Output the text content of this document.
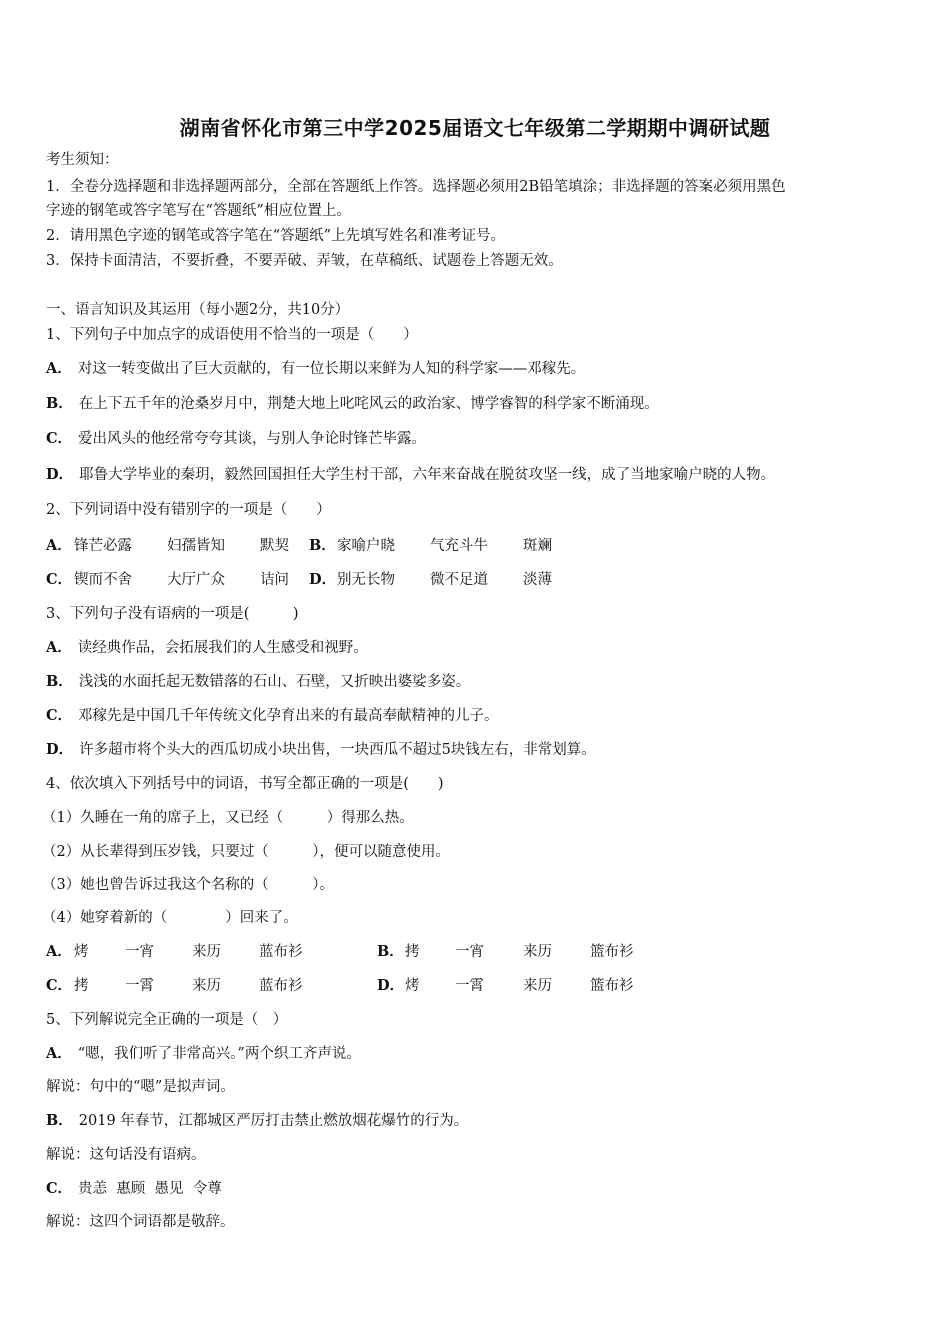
湖南省怀化市第三中学2025届语文七年级第二学期期中调研试题
考生须知：
1．全卷分选择题和非选择题两部分，全部在答题纸上作答。选择题必须用2B铅笔填涂；非选择题的答案必须用黑色
字迹的钢笔或答字笔写在“答题纸”相应位置上。
2．请用黑色字迹的钢笔或答字笔在“答题纸”上先填写姓名和准考证号。
3．保持卡面清洁，不要折叠，不要弄破、弄皱，在草稿纸、试题卷上答题无效。
一、语言知识及其运用（每小题2分，共10分）
1、下列句子中加点字的成语使用不恰当的一项是（　　）
A． 对这一转变做出了巨大贡献的，有一位长期以来鲜为人知的科学家——邓稼先。
B． 在上下五千年的沧桑岁月中，荆楚大地上叱咤风云的政治家、博学睿智的科学家不断涌现。
C． 爱出风头的他经常夸夸其谈，与别人争论时锋芒毕露。
D． 耶鲁大学毕业的秦玥，毅然回国担任大学生村干部，六年来奋战在脱贫攻坚一线，成了当地家喻户晓的人物。
2、下列词语中没有错别字的一项是（　　）
A． 锋芒必露 妇孺皆知 默契 B． 家喻户晓 气充斗牛 斑斓
C． 锲而不舍 大厅广众 诘问 D． 别无长物 微不足道 淡薄
3、下列句子没有语病的一项是(　　　)
A． 读经典作品，会拓展我们的人生感受和视野。
B． 浅浅的水面托起无数错落的石山、石壁，又折映出婆娑多姿。
C． 邓稼先是中国几千年传统文化孕育出来的有最高奉献精神的儿子。
D． 许多超市将个头大的西瓜切成小块出售，一块西瓜不超过5块钱左右，非常划算。
4、依次填入下列括号中的词语，书写全都正确的一项是(　　)
（1）久睡在一角的席子上，又已经（　　　）得那么热。
（2）从长辈得到压岁钱，只要过（　　　），便可以随意使用。
（3）她也曾告诉过我这个名称的（　　　）。
（4）她穿着新的（　　　　）回来了。
A． 烤	一宵	来历	蓝布衫	B． 拷 一宵	来历	篮布衫
C． 拷	一霄	来历	蓝布衫	D． 烤 一霄	来历	篮布衫
5、下列解说完全正确的一项是（　）
A． “嗯，我们听了非常高兴。”两个织工齐声说。
解说：句中的“嗯”是拟声词。
B． 2019 年春节，江都城区严厉打击禁止燃放烟花爆竹的行为。
解说：这句话没有语病。
C． 贵恙  惠顾  愚见  令尊
解说：这四个词语都是敬辞。
